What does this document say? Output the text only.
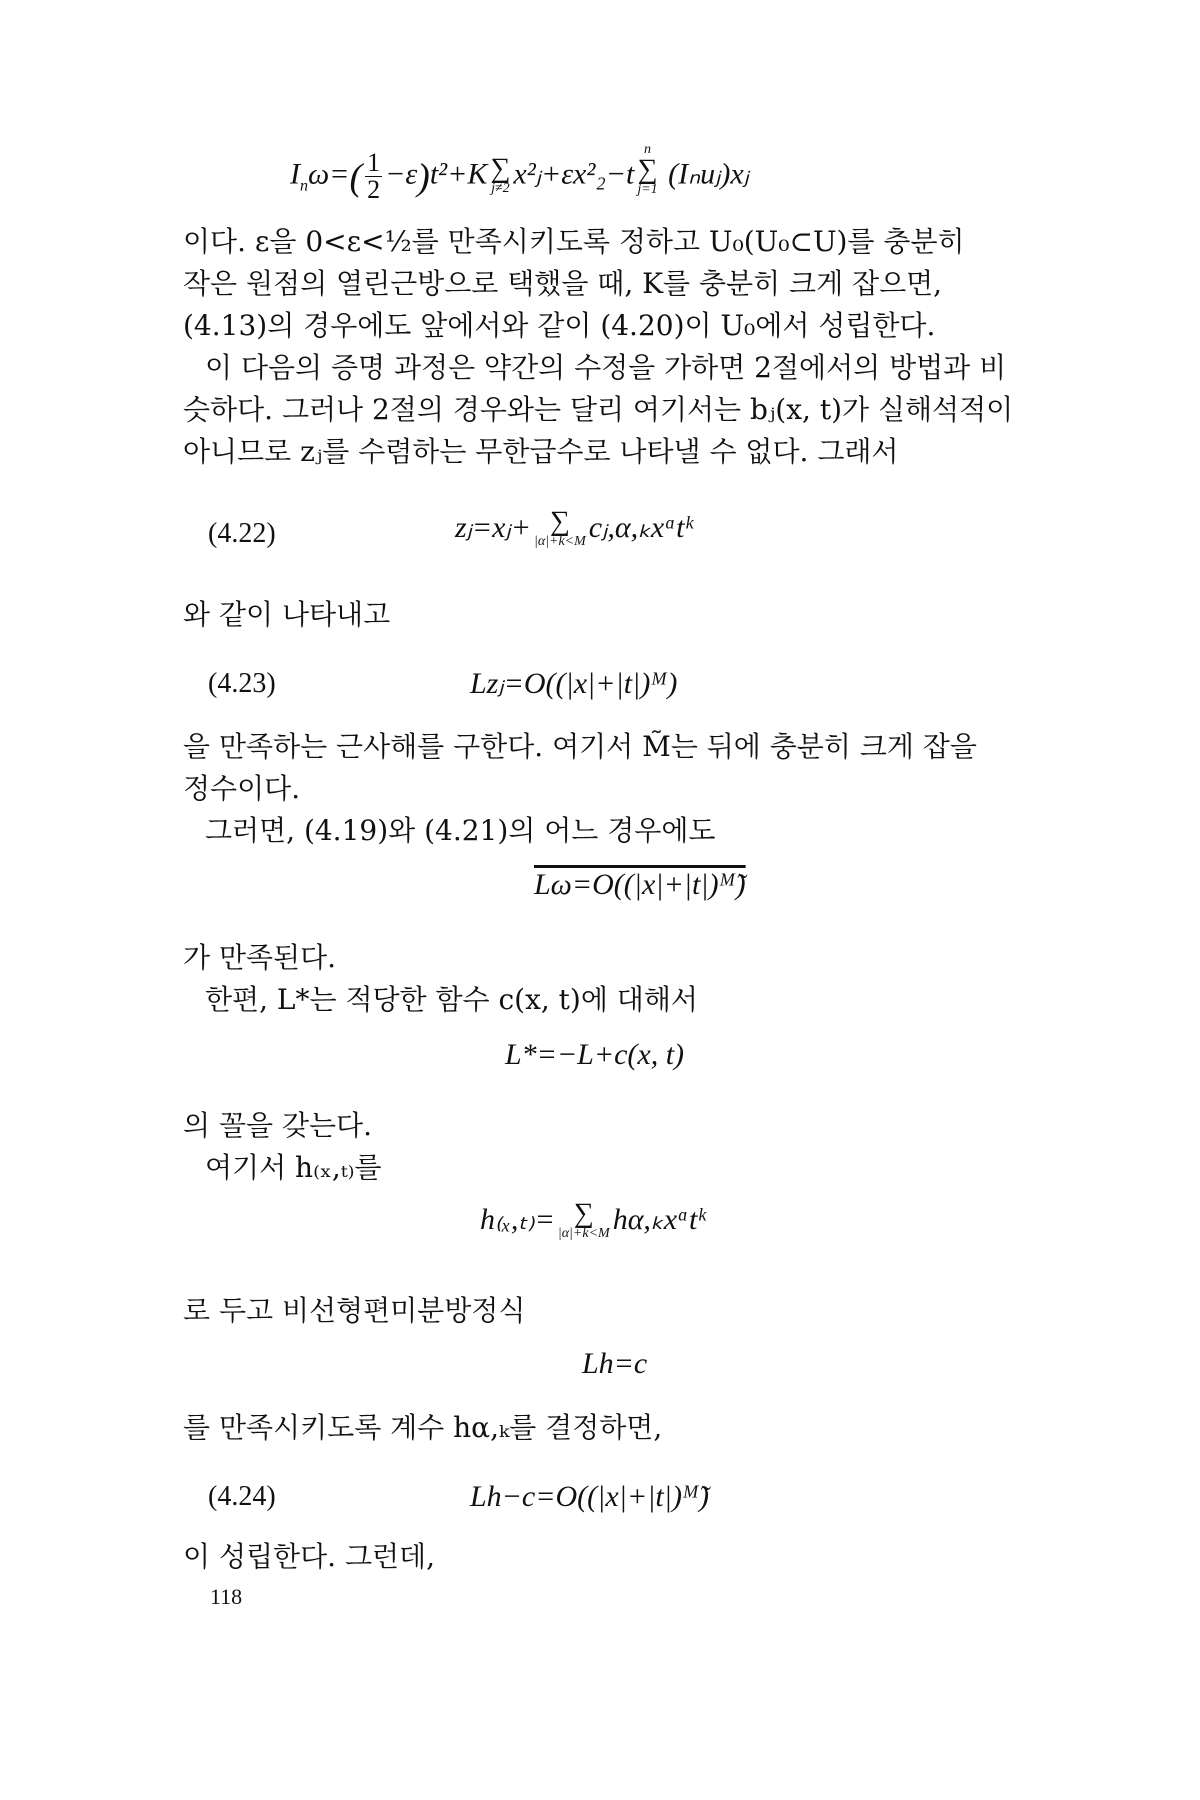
$I_n\omega=( \frac{1}{2} -\varepsilon)t^2+K$ ∑
j≠2 x²ⱼ+εx²₂−t
n
∑
j=1 (Iₙuⱼ)xⱼ
이다. ε을 0<ε<½를 만족시키도록 정하고 U₀(U₀⊂U)를 충분히
작은 원점의 열린근방으로 택했을 때, K를 충분히 크게 잡으면,
(4.13)의 경우에도 앞에서와 같이 (4.20)이 U₀에서 성립한다.
이 다음의 증명 과정은 약간의 수정을 가하면 2절에서의 방법과 비
슷하다. 그러나 2절의 경우와는 달리 여기서는 bⱼ(x, t)가 실해석적이
아니므로 zⱼ를 수렴하는 무한급수로 나타낼 수 없다. 그래서
(4.22)	zⱼ=xⱼ+ ∑
|α|+k<M cⱼ,α,ₖxᵅtᵏ
와 같이 나타내고
(4.23)	Lzⱼ=O((|x|+|t|)ᴹ)
을 만족하는 근사해를 구한다. 여기서 M̃는 뒤에 충분히 크게 잡을
정수이다.
그러면, (4.19)와 (4.21)의 어느 경우에도
Lω=O((|x|+|t|)ᴹ̃)
가 만족된다.
한편, L*는 적당한 함수 c(x, t)에 대해서
L*=−L+c(x, t)
의 꼴을 갖는다.
여기서 h₍ₓ,ₜ₎를
h₍ₓ,ₜ₎= ∑
|α|+k<M hα,ₖxᵅtᵏ
로 두고 비선형편미분방정식
Lh=c
를 만족시키도록 계수 hα,ₖ를 결정하면,
(4.24)	Lh−c=O((|x|+|t|)ᴹ̃)
이 성립한다. 그런데,
118
